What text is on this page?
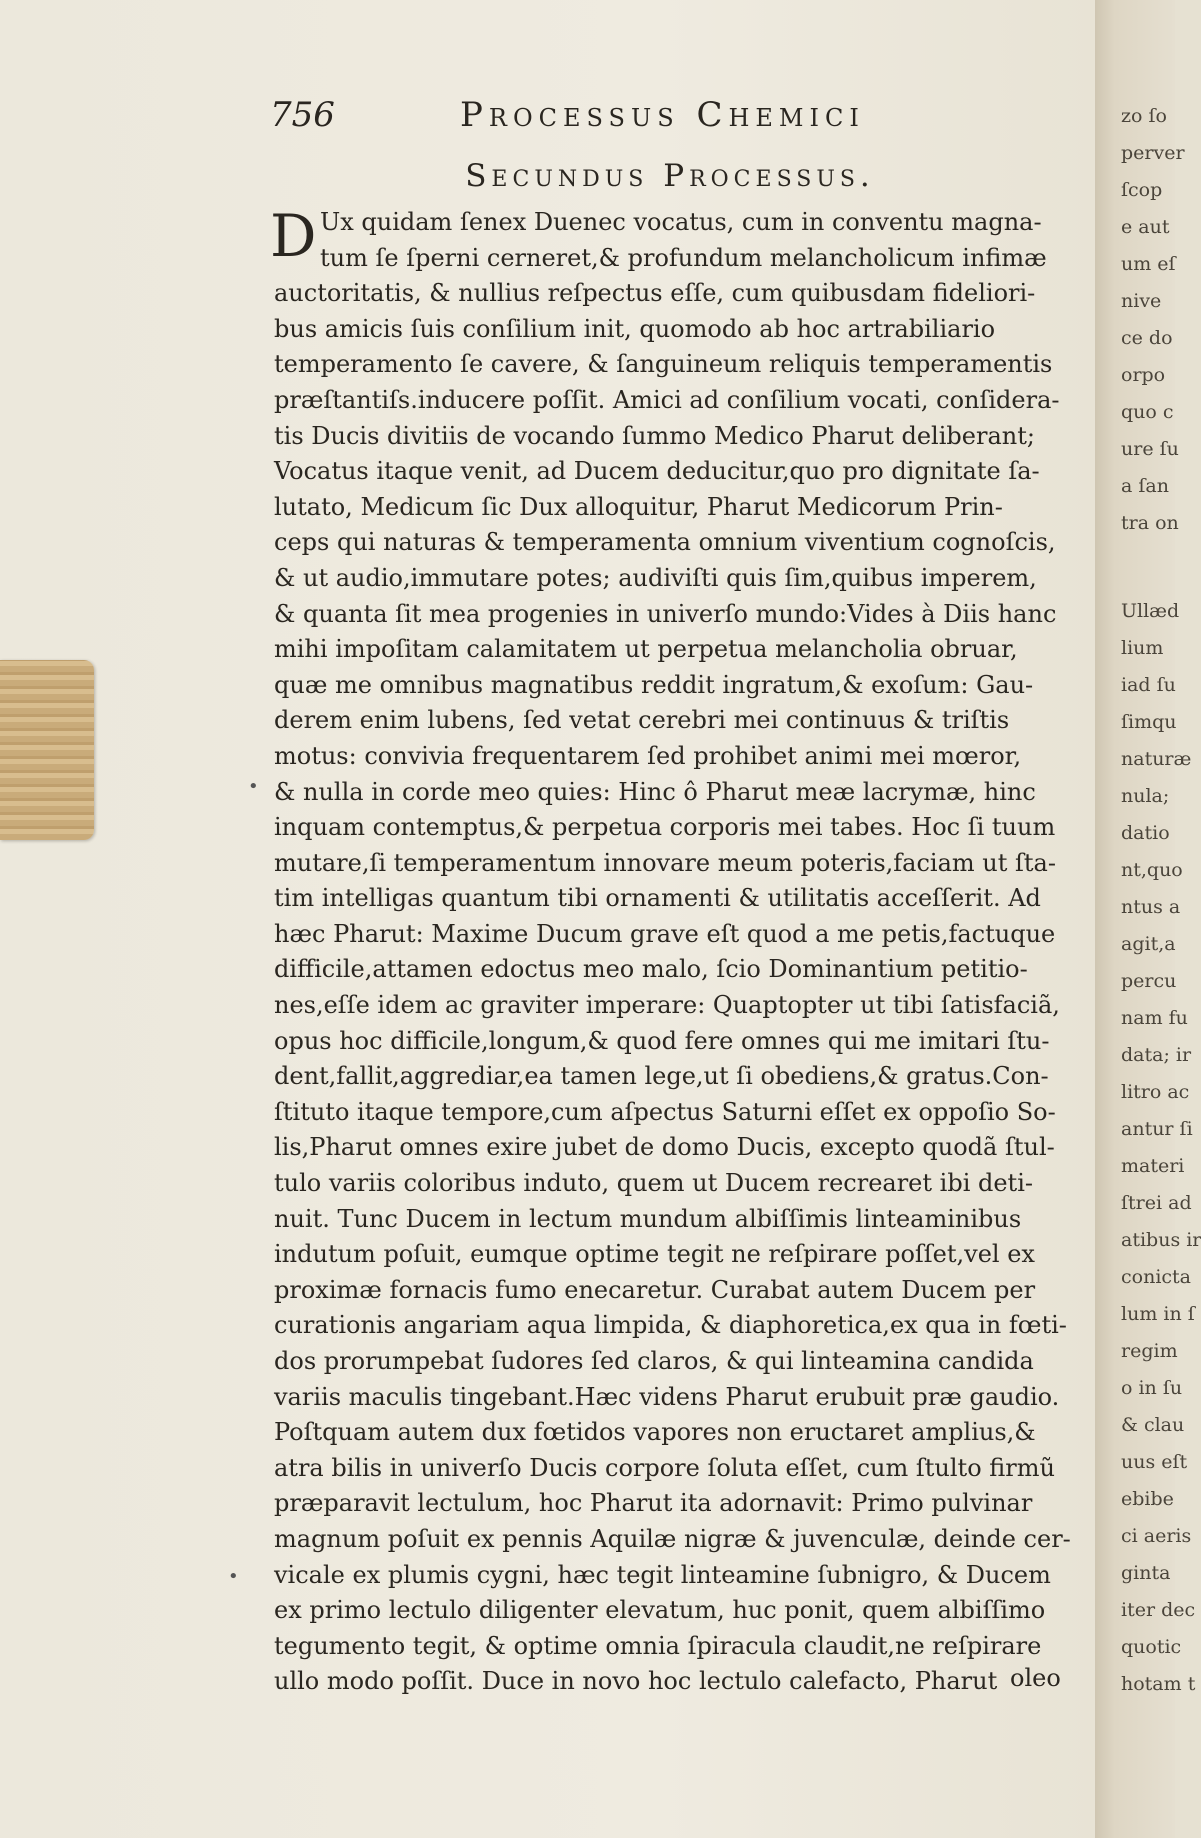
756	Processus Chemici
Secundus Processus.
D Ux quidam ſenex Duenec vocatus, cum in conventu magna-
tum ſe ſperni cerneret,& profundum melancholicum infimæ
auctoritatis, & nullius reſpectus eſſe, cum quibusdam fideliori-
bus amicis ſuis conſilium init, quomodo ab hoc artrabiliario
temperamento ſe cavere, & ſanguineum reliquis temperamentis
præſtantiſs.inducere poſſit. Amici ad conſilium vocati, conſidera-
tis Ducis divitiis de vocando ſummo Medico Pharut deliberant;
Vocatus itaque venit, ad Ducem deducitur,quo pro dignitate ſa-
lutato, Medicum ſic Dux alloquitur, Pharut Medicorum Prin-
ceps qui naturas & temperamenta omnium viventium cognoſcis,
& ut audio,immutare potes; audiviſti quis ſim,quibus imperem,
& quanta ſit mea progenies in univerſo mundo:Vides à Diis hanc
mihi impoſitam calamitatem ut perpetua melancholia obruar,
quæ me omnibus magnatibus reddit ingratum,& exoſum: Gau-
derem enim lubens, ſed vetat cerebri mei continuus & triſtis
motus: convivia frequentarem ſed prohibet animi mei mœror,
& nulla in corde meo quies: Hinc ô Pharut meæ lacrymæ, hinc
inquam contemptus,& perpetua corporis mei tabes. Hoc ſi tuum
mutare,ſi temperamentum innovare meum poteris,faciam ut ſta-
tim intelligas quantum tibi ornamenti & utilitatis acceſſerit. Ad
hæc Pharut: Maxime Ducum grave eſt quod a me petis,factuque
difficile,attamen edoctus meo malo, ſcio Dominantium petitio-
nes,eſſe idem ac graviter imperare: Quaptopter ut tibi ſatisfaciã,
opus hoc difficile,longum,& quod fere omnes qui me imitari ſtu-
dent,fallit,aggrediar,ea tamen lege,ut ſi obediens,& gratus.Con-
ſtituto itaque tempore,cum aſpectus Saturni eſſet ex oppoſio So-
lis,Pharut omnes exire jubet de domo Ducis, excepto quodã ſtul-
tulo variis coloribus induto, quem ut Ducem recrearet ibi deti-
nuit. Tunc Ducem in lectum mundum albiſſimis linteaminibus
indutum poſuit, eumque optime tegit ne reſpirare poſſet,vel ex
proximæ fornacis fumo enecaretur. Curabat autem Ducem per
curationis angariam aqua limpida, & diaphoretica,ex qua in fœti-
dos prorumpebat ſudores ſed claros, & qui linteamina candida
variis maculis tingebant.Hæc videns Pharut erubuit præ gaudio.
Poſtquam autem dux fœtidos vapores non eructaret amplius,&
atra bilis in univerſo Ducis corpore ſoluta eſſet, cum ſtulto firmũ
præparavit lectulum, hoc Pharut ita adornavit: Primo pulvinar
magnum poſuit ex pennis Aquilæ nigræ & juvenculæ, deinde cer-
vicale ex plumis cygni, hæc tegit linteamine ſubnigro, & Ducem
ex primo lectulo diligenter elevatum, huc ponit, quem albiſſimo
tegumento tegit, & optime omnia ſpiracula claudit,ne reſpirare
ullo modo poſſit. Duce in novo hoc lectulo calefacto, Pharut oleo
•
•
zo ſo
perver
ſcop
e aut
um eſ
nive
ce do
orpo
quo c
ure ſu
a ſan
tra on
Ullæd
lium
iad ſu
ſimqu
naturæ
nula;
datio
nt,quo
ntus a
agit,a
percu
nam fu
data; ir
litro ac
antur ſi
materi
ſtrei ad
atibus ir
conicta
lum in ſ
regim
o in ſu
& clau
uus eſt
ebibe
ci aeris
ginta
iter dec
quotic
hotam t
